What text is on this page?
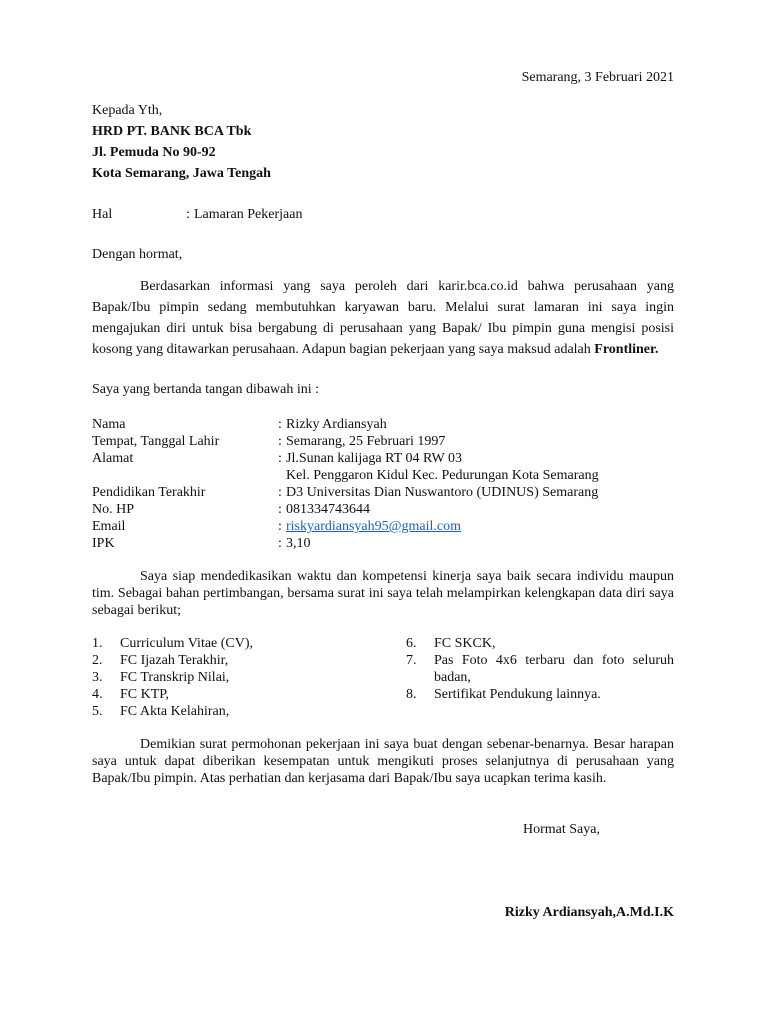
Semarang, 3 Februari 2021
Kepada Yth,
HRD PT. BANK BCA Tbk
Jl. Pemuda No 90-92
Kota Semarang, Jawa Tengah
Hal	: Lamaran Pekerjaan
Dengan hormat,

Berdasarkan informasi yang saya peroleh dari karir.bca.co.id bahwa perusahaan yang Bapak/Ibu pimpin sedang membutuhkan karyawan baru. Melalui surat lamaran ini saya ingin mengajukan diri untuk bisa bergabung di perusahaan yang Bapak/ Ibu pimpin guna mengisi posisi kosong yang ditawarkan perusahaan. Adapun bagian pekerjaan yang saya maksud adalah Frontliner.

Saya yang bertanda tangan dibawah ini :
Nama	: Rizky Ardiansyah
Tempat, Tanggal Lahir	: Semarang, 25 Februari 1997
Alamat	: Jl.Sunan kalijaga RT 04 RW 03
Kel. Penggaron Kidul Kec. Pedurungan Kota Semarang
Pendidikan Terakhir	: D3 Universitas Dian Nuswantoro (UDINUS) Semarang
No. HP	: 081334743644
Email	: riskyardiansyah95@gmail.com
IPK	: 3,10

Saya siap mendedikasikan waktu dan kompetensi kinerja saya baik secara individu maupun tim. Sebagai bahan pertimbangan, bersama surat ini saya telah melampirkan kelengkapan data diri saya sebagai berikut;

1. Curriculum Vitae (CV),
2. FC Ijazah Terakhir,
3. FC Transkrip Nilai,
4. FC KTP,
5. FC Akta Kelahiran,
6. FC SKCK,
7. Pas Foto 4x6 terbaru dan foto seluruh
badan,
8. Sertifikat Pendukung lainnya.

Demikian surat permohonan pekerjaan ini saya buat dengan sebenar-benarnya. Besar harapan saya untuk dapat diberikan kesempatan untuk mengikuti proses selanjutnya di perusahaan yang Bapak/Ibu pimpin. Atas perhatian dan kerjasama dari Bapak/Ibu saya ucapkan terima kasih.

Hormat Saya,
Rizky Ardiansyah,A.Md.I.K
